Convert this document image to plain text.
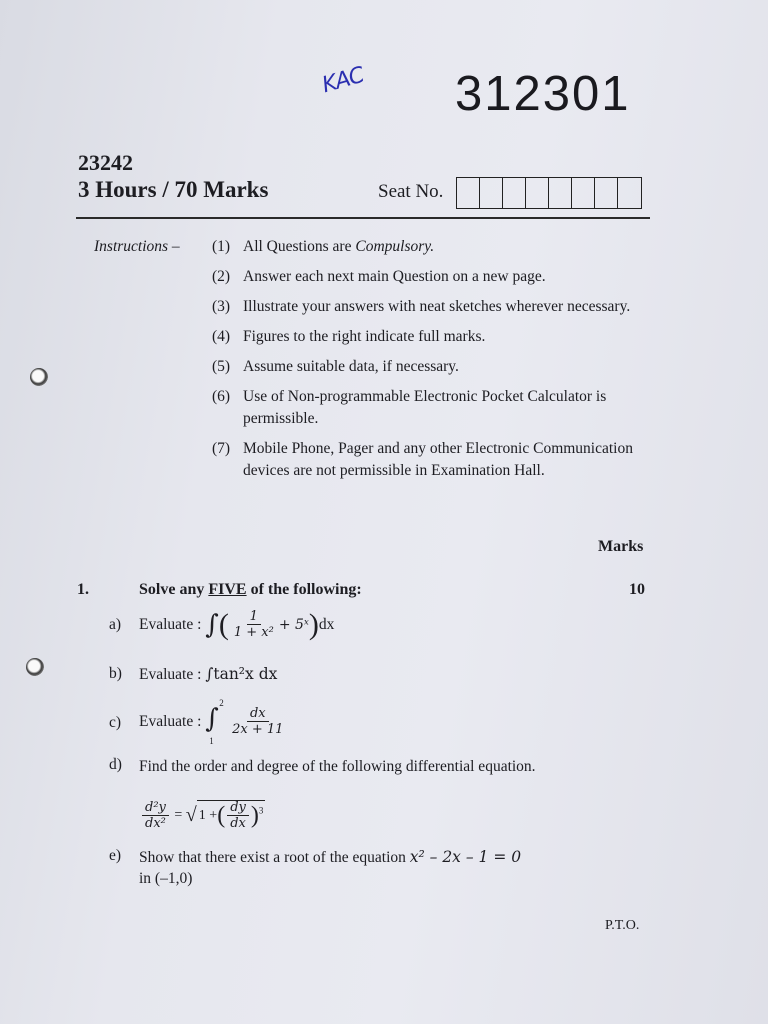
KAC 312301
23242
3 Hours / 70 Marks	Seat No.
Instructions – (1) All Questions are Compulsory.
(2) Answer each next main Question on a new page.
(3) Illustrate your answers with neat sketches wherever necessary.
(4) Figures to the right indicate full marks.
(5) Assume suitable data, if necessary.
(6) Use of Non-programmable Electronic Pocket Calculator is permissible.
(7) Mobile Phone, Pager and any other Electronic Communication devices are not permissible in Examination Hall.
Marks
1.	Solve any FIVE of the following:	10
a) Evaluate : ∫( $\frac{1}{\text{1 + x²}}$ + 5ˣ)dx
b) Evaluate : ∫tan²x dx
c) Evaluate : ∫
2
1

$\frac{dx}{2x + 11}$
d) Find the order and degree of the following differential equation.
$\frac{\text{d²y}}{\text{dx²}}$ = √ 1 +( $\frac{dy}{dx} )^3$
e) Show that there exist a root of the equation x² – 2x – 1 = 0
in (–1,0)
P.T.O.
